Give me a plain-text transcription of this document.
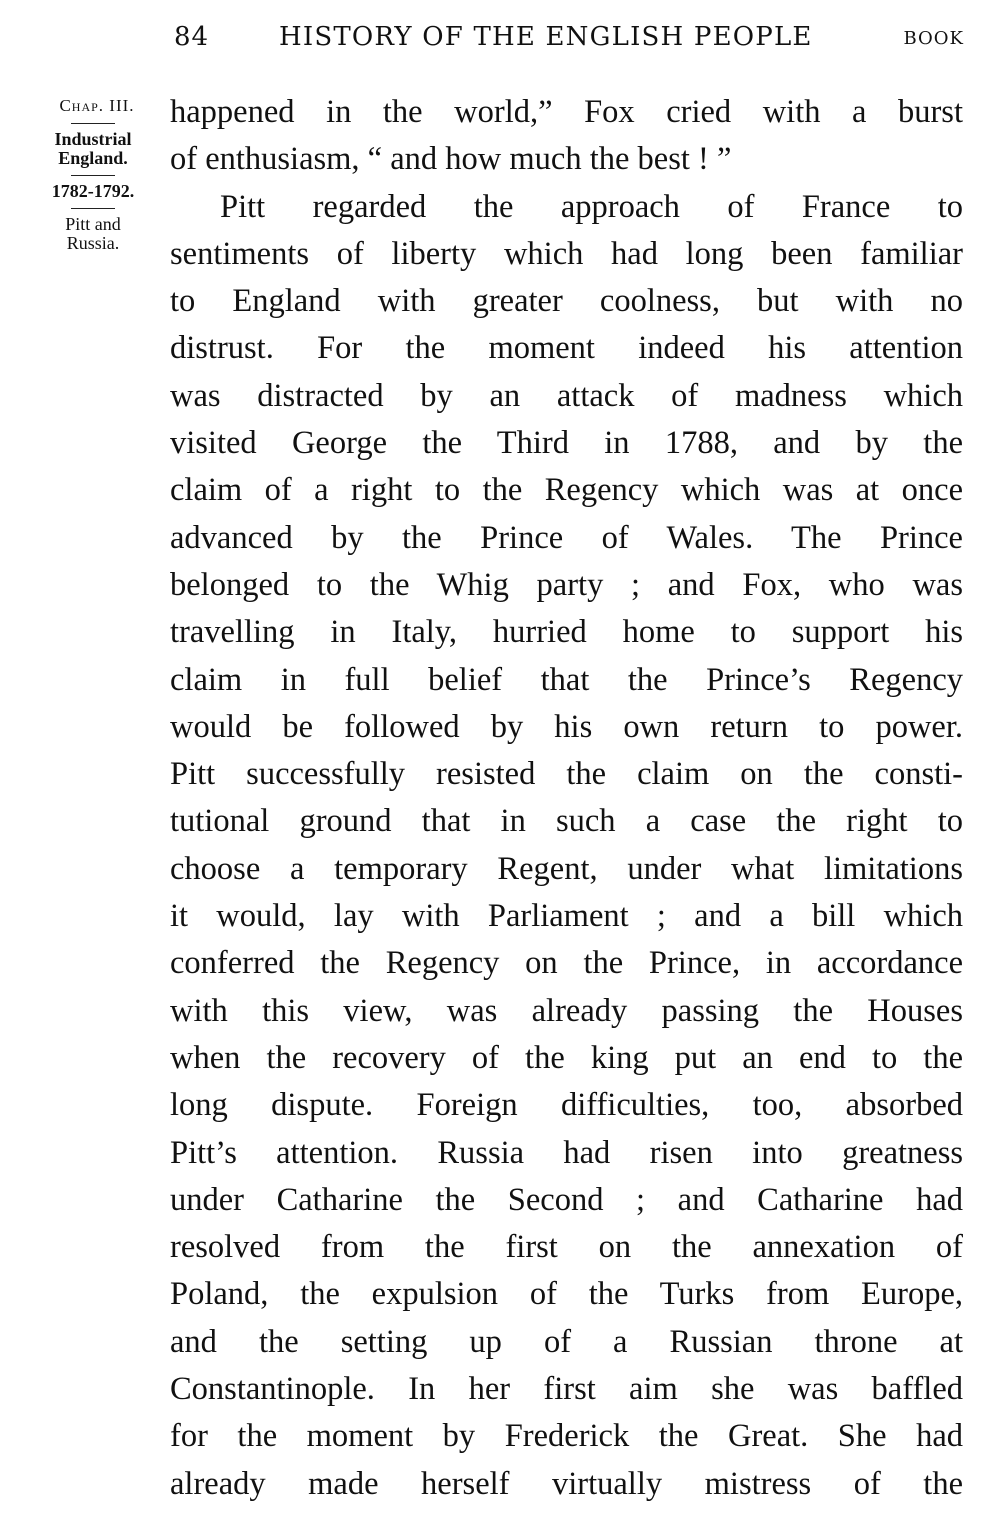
84	HISTORY OF THE ENGLISH PEOPLE	BOOK
Chap. III.
Industrial
England.
1782-1792.
Pitt and
Russia.
happened in the world,” Fox cried with a burst
of enthusiasm, “ and how much the best ! ”
Pitt regarded the approach of France to
sentiments of liberty which had long been familiar
to England with greater coolness, but with no
distrust. For the moment indeed his attention
was distracted by an attack of madness which
visited George the Third in 1788, and by the
claim of a right to the Regency which was at once
advanced by the Prince of Wales. The Prince
belonged to the Whig party ; and Fox, who was
travelling in Italy, hurried home to support his
claim in full belief that the Prince’s Regency
would be followed by his own return to power.
Pitt successfully resisted the claim on the consti-
tutional ground that in such a case the right to
choose a temporary Regent, under what limitations
it would, lay with Parliament ; and a bill which
conferred the Regency on the Prince, in accordance
with this view, was already passing the Houses
when the recovery of the king put an end to the
long dispute. Foreign difficulties, too, absorbed
Pitt’s attention. Russia had risen into greatness
under Catharine the Second ; and Catharine had
resolved from the first on the annexation of
Poland, the expulsion of the Turks from Europe,
and the setting up of a Russian throne at
Constantinople. In her first aim she was baffled
for the moment by Frederick the Great. She had
already made herself virtually mistress of the
